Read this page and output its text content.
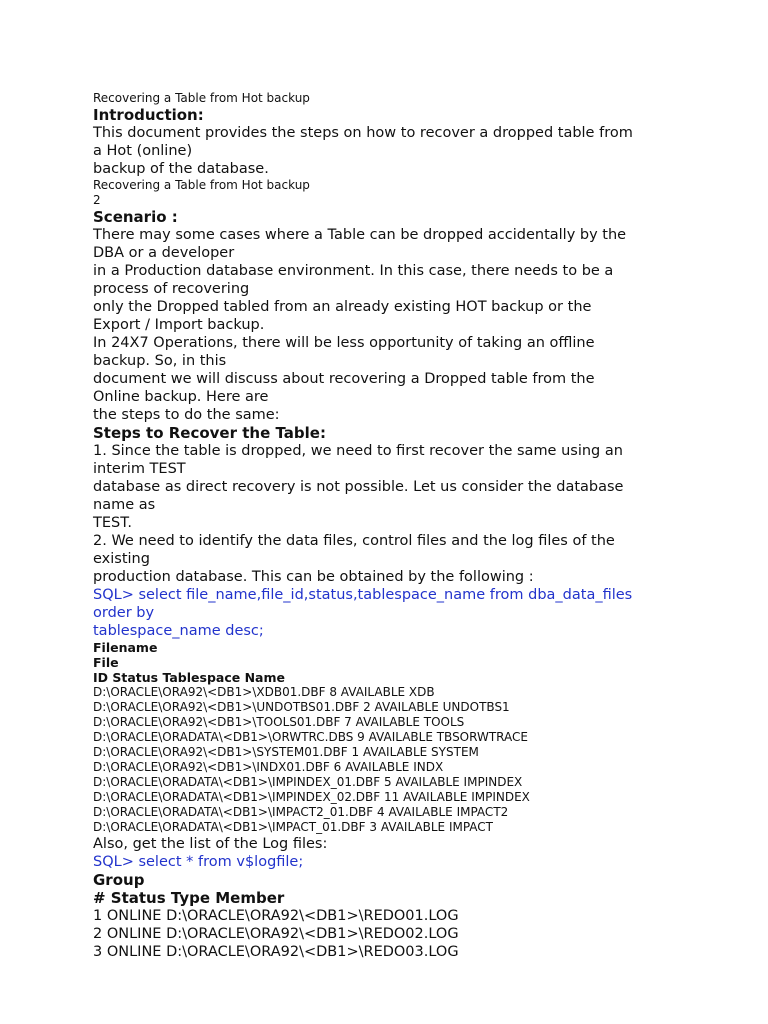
Recovering a Table from Hot backup
Introduction:
This document provides the steps on how to recover a dropped table from
a Hot (online)
backup of the database.
Recovering a Table from Hot backup
2
Scenario :
There may some cases where a Table can be dropped accidentally by the
DBA or a developer
in a Production database environment. In this case, there needs to be a
process of recovering
only the Dropped tabled from an already existing HOT backup or the
Export / Import backup.
In 24X7 Operations, there will be less opportunity of taking an offline
backup. So, in this
document we will discuss about recovering a Dropped table from the
Online backup. Here are
the steps to do the same:
Steps to Recover the Table:
1. Since the table is dropped, we need to first recover the same using an
interim TEST
database as direct recovery is not possible. Let us consider the database
name as
TEST.
2. We need to identify the data files, control files and the log files of the
existing
production database. This can be obtained by the following :
SQL> select file_name,file_id,status,tablespace_name from dba_data_files
order by
tablespace_name desc;
Filename
File
ID Status Tablespace Name
D:\ORACLE\ORA92\<DB1>\XDB01.DBF 8 AVAILABLE XDB
D:\ORACLE\ORA92\<DB1>\UNDOTBS01.DBF 2 AVAILABLE UNDOTBS1
D:\ORACLE\ORA92\<DB1>\TOOLS01.DBF 7 AVAILABLE TOOLS
D:\ORACLE\ORADATA\<DB1>\ORWTRC.DBS 9 AVAILABLE TBSORWTRACE
D:\ORACLE\ORA92\<DB1>\SYSTEM01.DBF 1 AVAILABLE SYSTEM
D:\ORACLE\ORA92\<DB1>\INDX01.DBF 6 AVAILABLE INDX
D:\ORACLE\ORADATA\<DB1>\IMPINDEX_01.DBF 5 AVAILABLE IMPINDEX
D:\ORACLE\ORADATA\<DB1>\IMPINDEX_02.DBF 11 AVAILABLE IMPINDEX
D:\ORACLE\ORADATA\<DB1>\IMPACT2_01.DBF 4 AVAILABLE IMPACT2
D:\ORACLE\ORADATA\<DB1>\IMPACT_01.DBF 3 AVAILABLE IMPACT
Also, get the list of the Log files:
SQL> select * from v$logfile;
Group
# Status Type Member
1 ONLINE D:\ORACLE\ORA92\<DB1>\REDO01.LOG
2 ONLINE D:\ORACLE\ORA92\<DB1>\REDO02.LOG
3 ONLINE D:\ORACLE\ORA92\<DB1>\REDO03.LOG
